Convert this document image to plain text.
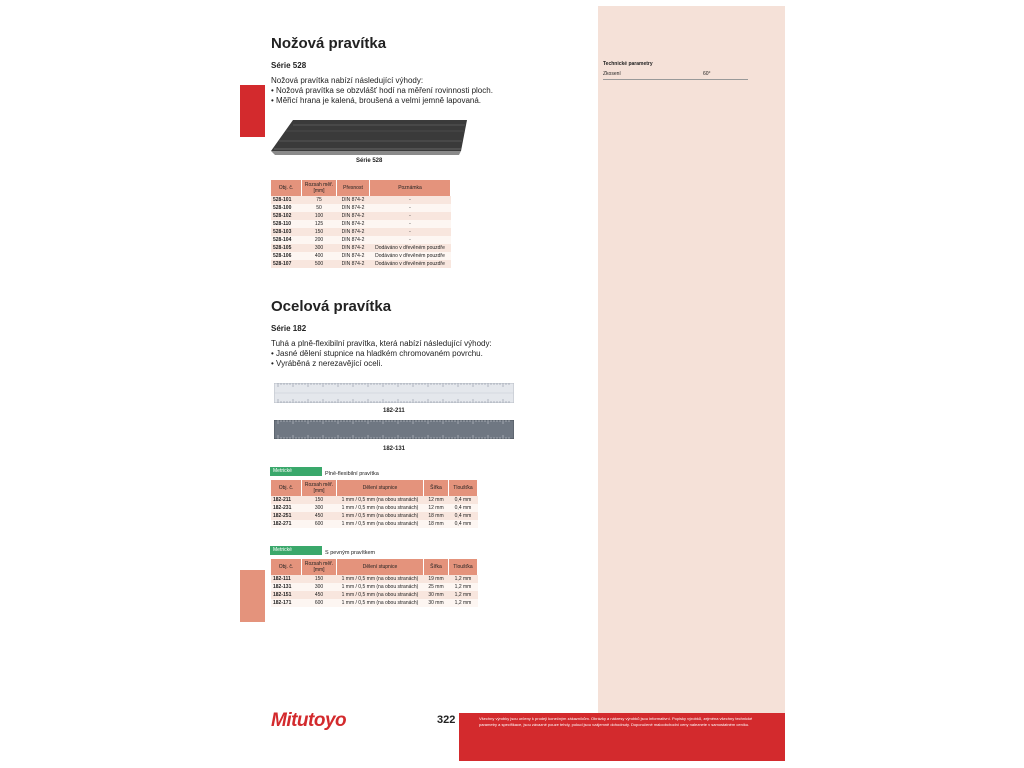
Nožová pravítka
Série 528
Nožová pravítka nabízí následující výhody:
• Nožová pravítka se obzvlášť hodí na měření rovinnosti ploch.
• Měřicí hrana je kalená, broušená a velmi jemně lapovaná.
Série 528
Obj. č.	Rozsah měř. [mm]	Přesnost	Poznámka
528-101	75	DIN 874-2	-
528-100	50	DIN 874-2	-
528-102	100	DIN 874-2	-
528-110	125	DIN 874-2	-
528-103	150	DIN 874-2	-
528-104	200	DIN 874-2	-
528-105	300	DIN 874-2	Dodáváno v dřevěném pouzdře
528-106	400	DIN 874-2	Dodáváno v dřevěném pouzdře
528-107	500	DIN 874-2	Dodáváno v dřevěném pouzdře
Ocelová pravítka
Série 182
Tuhá a plně-flexibilní pravítka, která nabízí následující výhody:
• Jasné dělení stupnice na hladkém chromovaném povrchu.
• Vyráběná z nerezavějící oceli.
182-211
182-131
Metrické	Plně-flexibilní pravítka
Obj. č.	Rozsah měř. [mm]	Dělení stupnice	Šířka	Tloušťka
182-211	150	1 mm / 0,5 mm (na obou stranách)	12 mm	0,4 mm
182-231	300	1 mm / 0,5 mm (na obou stranách)	12 mm	0,4 mm
182-251	450	1 mm / 0,5 mm (na obou stranách)	18 mm	0,4 mm
182-271	600	1 mm / 0,5 mm (na obou stranách)	18 mm	0,4 mm
Metrické	S pevným pravítkem
Obj. č.	Rozsah měř. [mm]	Dělení stupnice	Šířka	Tloušťka
182-111	150	1 mm / 0,5 mm (na obou stranách)	19 mm	1,2 mm
182-131	300	1 mm / 0,5 mm (na obou stranách)	25 mm	1,2 mm
182-151	450	1 mm / 0,5 mm (na obou stranách)	30 mm	1,2 mm
182-171	600	1 mm / 0,5 mm (na obou stranách)	30 mm	1,2 mm
Technické parametry
Zkosení	60°
Mitutoyo	322	Všechny výrobky jsou určeny k prodeji konečným zákazníkům. Obrázky a nákresy výrobků jsou informativní. Popisky výrobků, zejména všechny technické parametry a specifikace, jsou závazné pouze tehdy, pokud jsou vzájemně dohodnuty. Doporučené maloobchodní ceny naleznete v samostatném ceníku.
